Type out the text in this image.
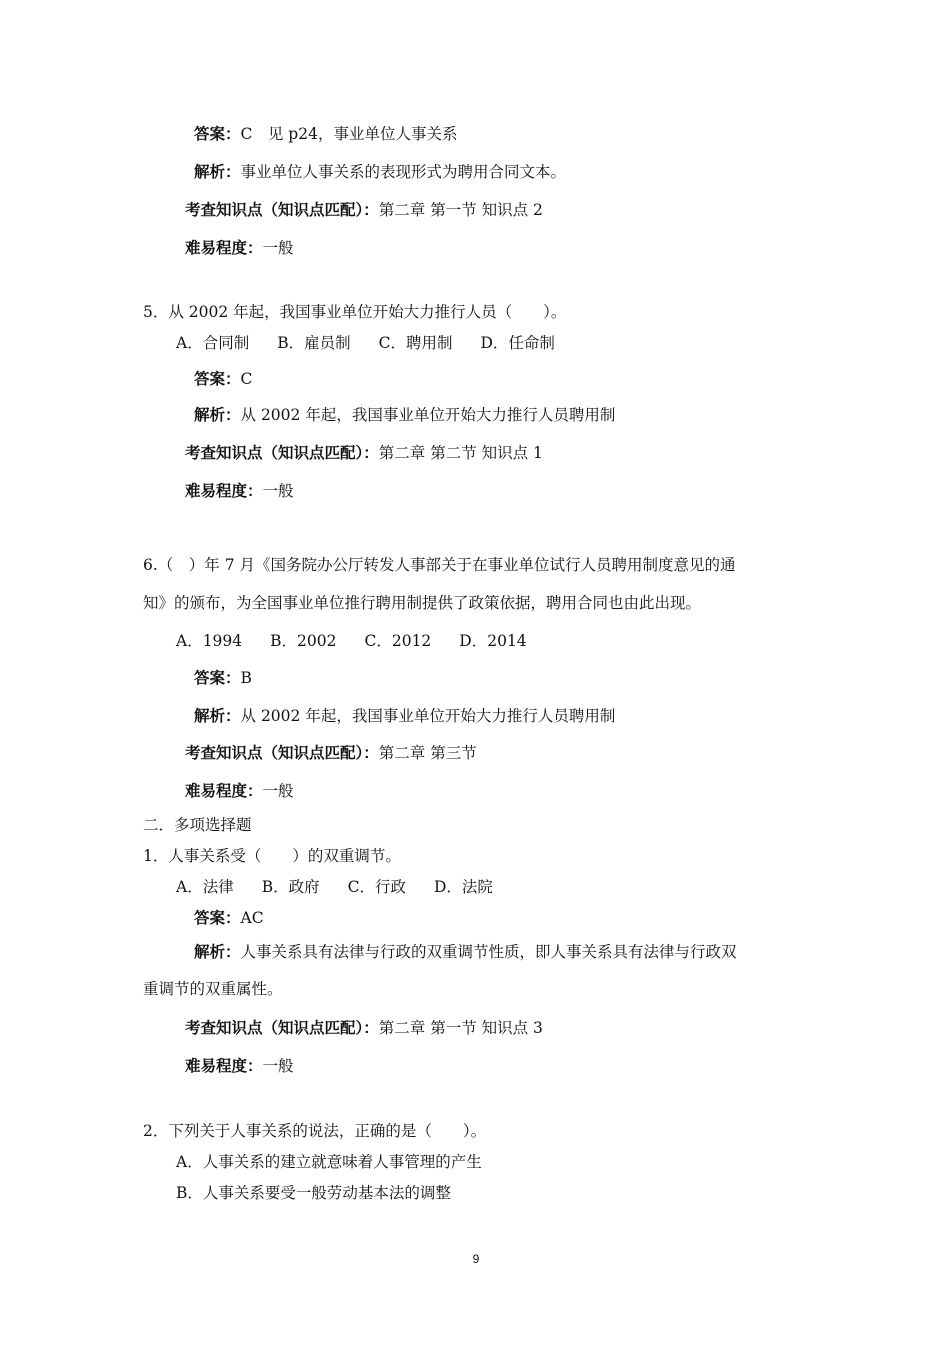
答案：C　见 p24，事业单位人事关系
解析：事业单位人事关系的表现形式为聘用合同文本。
考查知识点（知识点匹配）：第二章 第一节 知识点 2
难易程度：一般
5．从 2002 年起，我国事业单位开始大力推行人员（　　）。
A．合同制 B．雇员制 C．聘用制 D．任命制
答案：C
解析：从 2002 年起，我国事业单位开始大力推行人员聘用制
考查知识点（知识点匹配）：第二章 第二节 知识点 1
难易程度：一般
6.（　）年 7 月《国务院办公厅转发人事部关于在事业单位试行人员聘用制度意见的通
知》的颁布，为全国事业单位推行聘用制提供了政策依据，聘用合同也由此出现。
A．1994 B．2002 C．2012 D．2014
答案：B
解析：从 2002 年起，我国事业单位开始大力推行人员聘用制
考查知识点（知识点匹配）：第二章 第三节
难易程度：一般
二．多项选择题
1．人事关系受（　　）的双重调节。
A．法律 B．政府 C．行政 D．法院
答案：AC
解析：人事关系具有法律与行政的双重调节性质，即人事关系具有法律与行政双
重调节的双重属性。
考查知识点（知识点匹配）：第二章 第一节 知识点 3
难易程度：一般
2．下列关于人事关系的说法，正确的是（　　）。
A．人事关系的建立就意味着人事管理的产生
B．人事关系要受一般劳动基本法的调整
9
